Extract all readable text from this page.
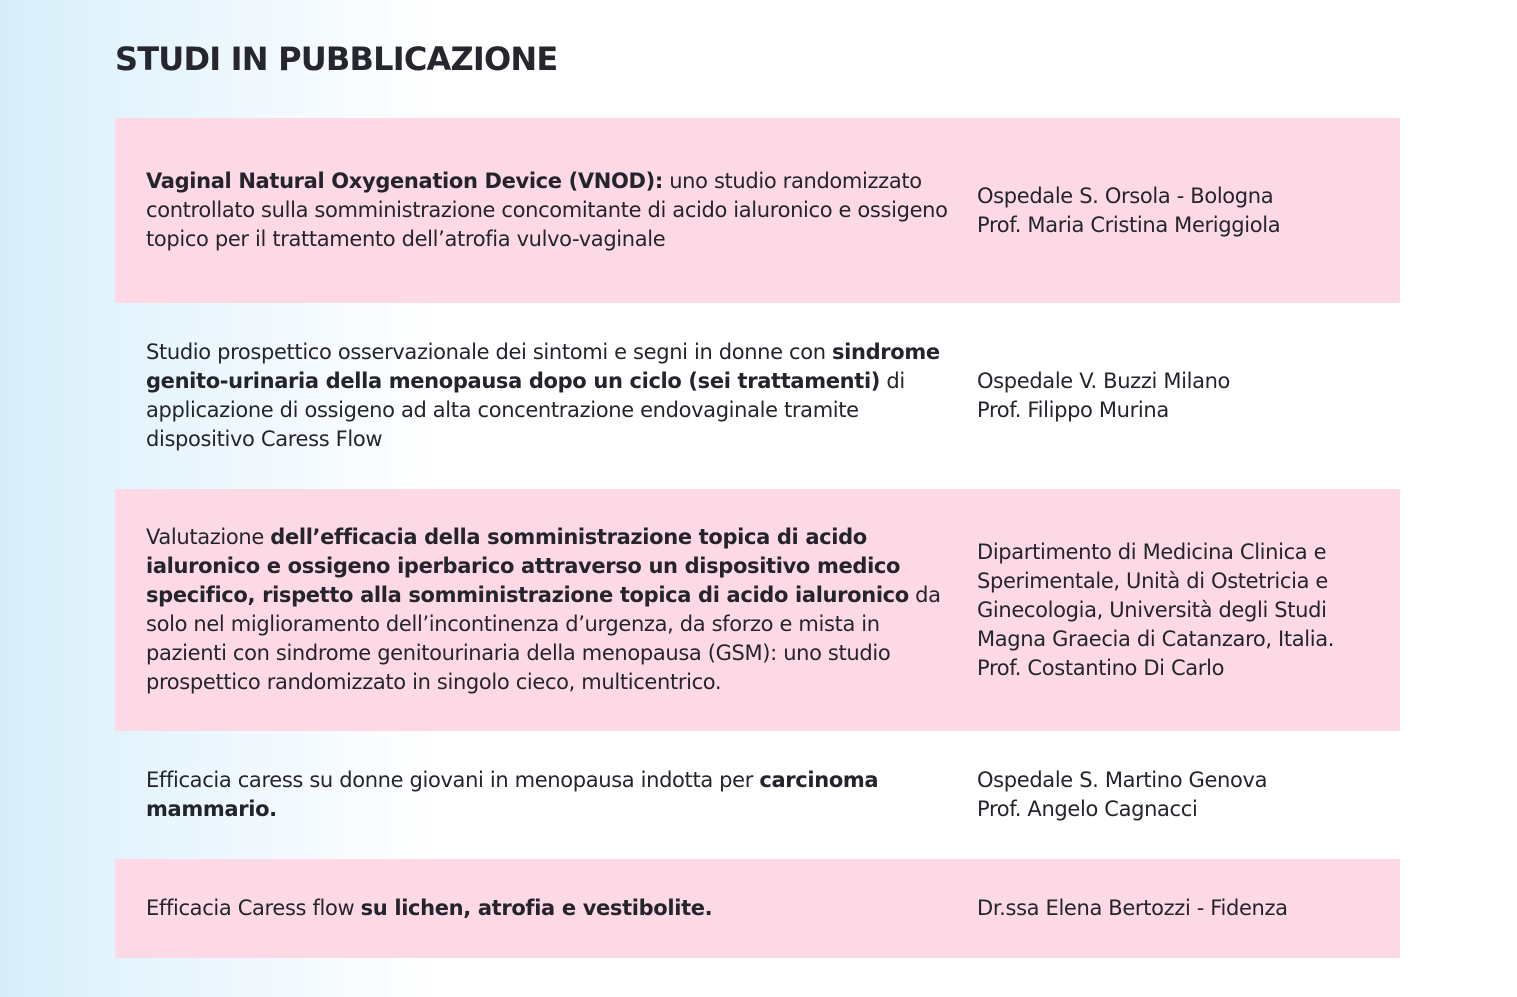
STUDI IN PUBBLICAZIONE
Vaginal Natural Oxygenation Device (VNOD): uno studio randomizzato controllato sulla somministrazione concomitante di acido ialuronico e ossigeno topico per il trattamento dell’atrofia vulvo-vaginale
Ospedale S. Orsola - Bologna
Prof. Maria Cristina Meriggiola
Studio prospettico osservazionale dei sintomi e segni in donne con sindrome genito-urinaria della menopausa dopo un ciclo (sei trattamenti) di applicazione di ossigeno ad alta concentrazione endovaginale tramite dispositivo Caress Flow
Ospedale V. Buzzi Milano
Prof. Filippo Murina
Valutazione dell’efficacia della somministrazione topica di acido ialuronico e ossigeno iperbarico attraverso un dispositivo medico specifico, rispetto alla somministrazione topica di acido ialuronico da solo nel miglioramento dell’incontinenza d’urgenza, da sforzo e mista in pazienti con sindrome genitourinaria della menopausa (GSM): uno studio prospettico randomizzato in singolo cieco, multicentrico.
Dipartimento di Medicina Clinica e
Sperimentale, Unità di Ostetricia e
Ginecologia, Università degli Studi
Magna Graecia di Catanzaro, Italia.
Prof. Costantino Di Carlo
Efficacia caress su donne giovani in menopausa indotta per carcinoma mammario.
Ospedale S. Martino Genova
Prof. Angelo Cagnacci
Efficacia Caress flow su lichen, atrofia e vestibolite.	Dr.ssa Elena Bertozzi - Fidenza
